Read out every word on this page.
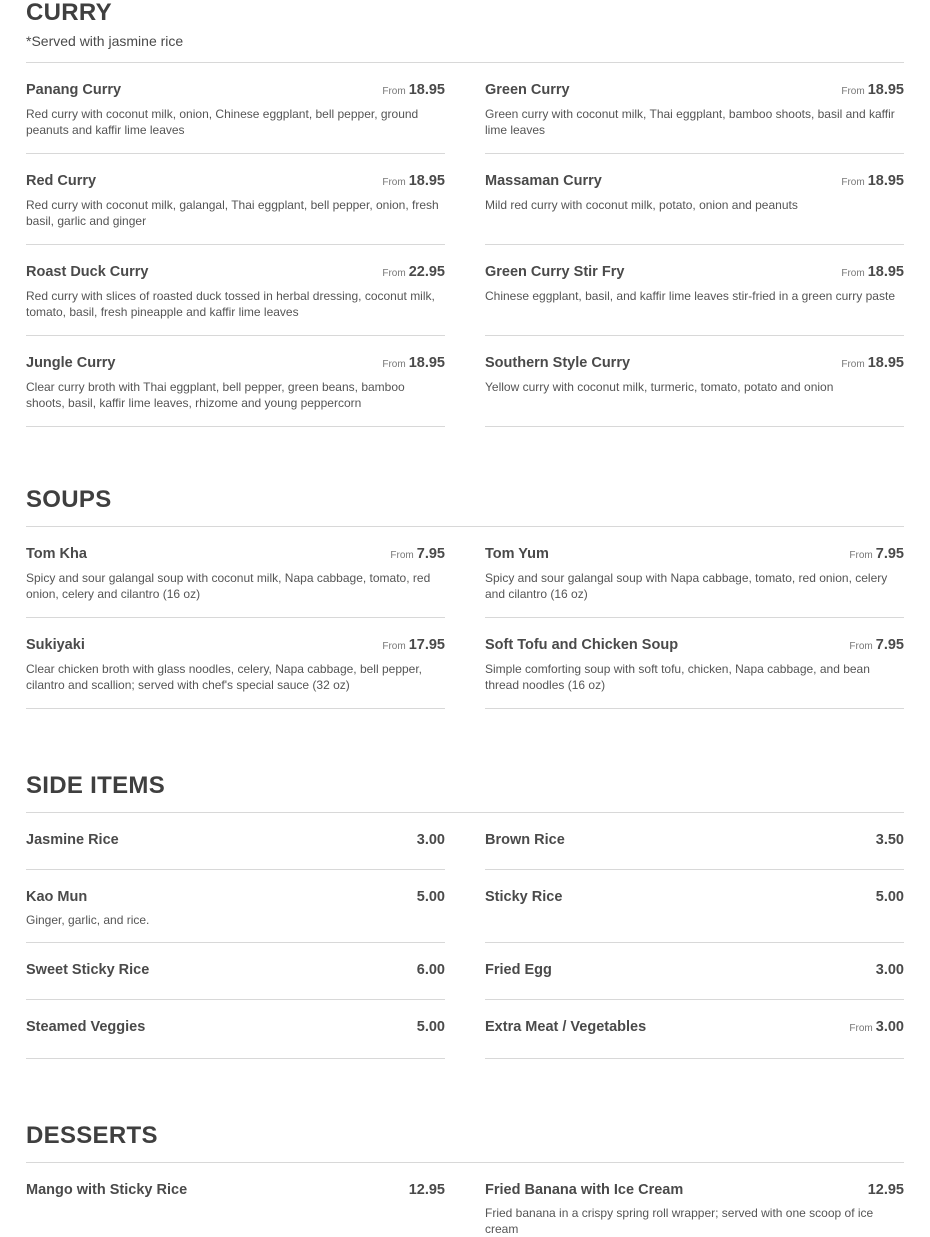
CURRY
*Served with jasmine rice
Panang Curry	From 18.95
Red curry with coconut milk, onion, Chinese eggplant, bell pepper, ground peanuts and kaffir lime leaves
Green Curry	From 18.95
Green curry with coconut milk, Thai eggplant, bamboo shoots, basil and kaffir lime leaves
Red Curry	From 18.95
Red curry with coconut milk, galangal, Thai eggplant, bell pepper, onion, fresh basil, garlic and ginger
Massaman Curry	From 18.95
Mild red curry with coconut milk, potato, onion and peanuts
Roast Duck Curry	From 22.95
Red curry with slices of roasted duck tossed in herbal dressing, coconut milk, tomato, basil, fresh pineapple and kaffir lime leaves
Green Curry Stir Fry	From 18.95
Chinese eggplant, basil, and kaffir lime leaves stir-fried in a green curry paste
Jungle Curry	From 18.95
Clear curry broth with Thai eggplant, bell pepper, green beans, bamboo shoots, basil, kaffir lime leaves, rhizome and young peppercorn
Southern Style Curry	From 18.95
Yellow curry with coconut milk, turmeric, tomato, potato and onion
SOUPS
Tom Kha	From 7.95
Spicy and sour galangal soup with coconut milk, Napa cabbage, tomato, red onion, celery and cilantro (16 oz)
Tom Yum	From 7.95
Spicy and sour galangal soup with Napa cabbage, tomato, red onion, celery and cilantro (16 oz)
Sukiyaki	From 17.95
Clear chicken broth with glass noodles, celery, Napa cabbage, bell pepper, cilantro and scallion; served with chef's special sauce (32 oz)
Soft Tofu and Chicken Soup	From 7.95
Simple comforting soup with soft tofu, chicken, Napa cabbage, and bean thread noodles (16 oz)
SIDE ITEMS
Jasmine Rice	3.00	Brown Rice	3.50
Kao Mun	5.00
Ginger, garlic, and rice.
Sticky Rice	5.00
Sweet Sticky Rice	6.00	Fried Egg	3.00
Steamed Veggies	5.00	Extra Meat / Vegetables	From 3.00
DESSERTS
Mango with Sticky Rice	12.95	Fried Banana with Ice Cream	12.95
Fried banana in a crispy spring roll wrapper; served with one scoop of ice cream
